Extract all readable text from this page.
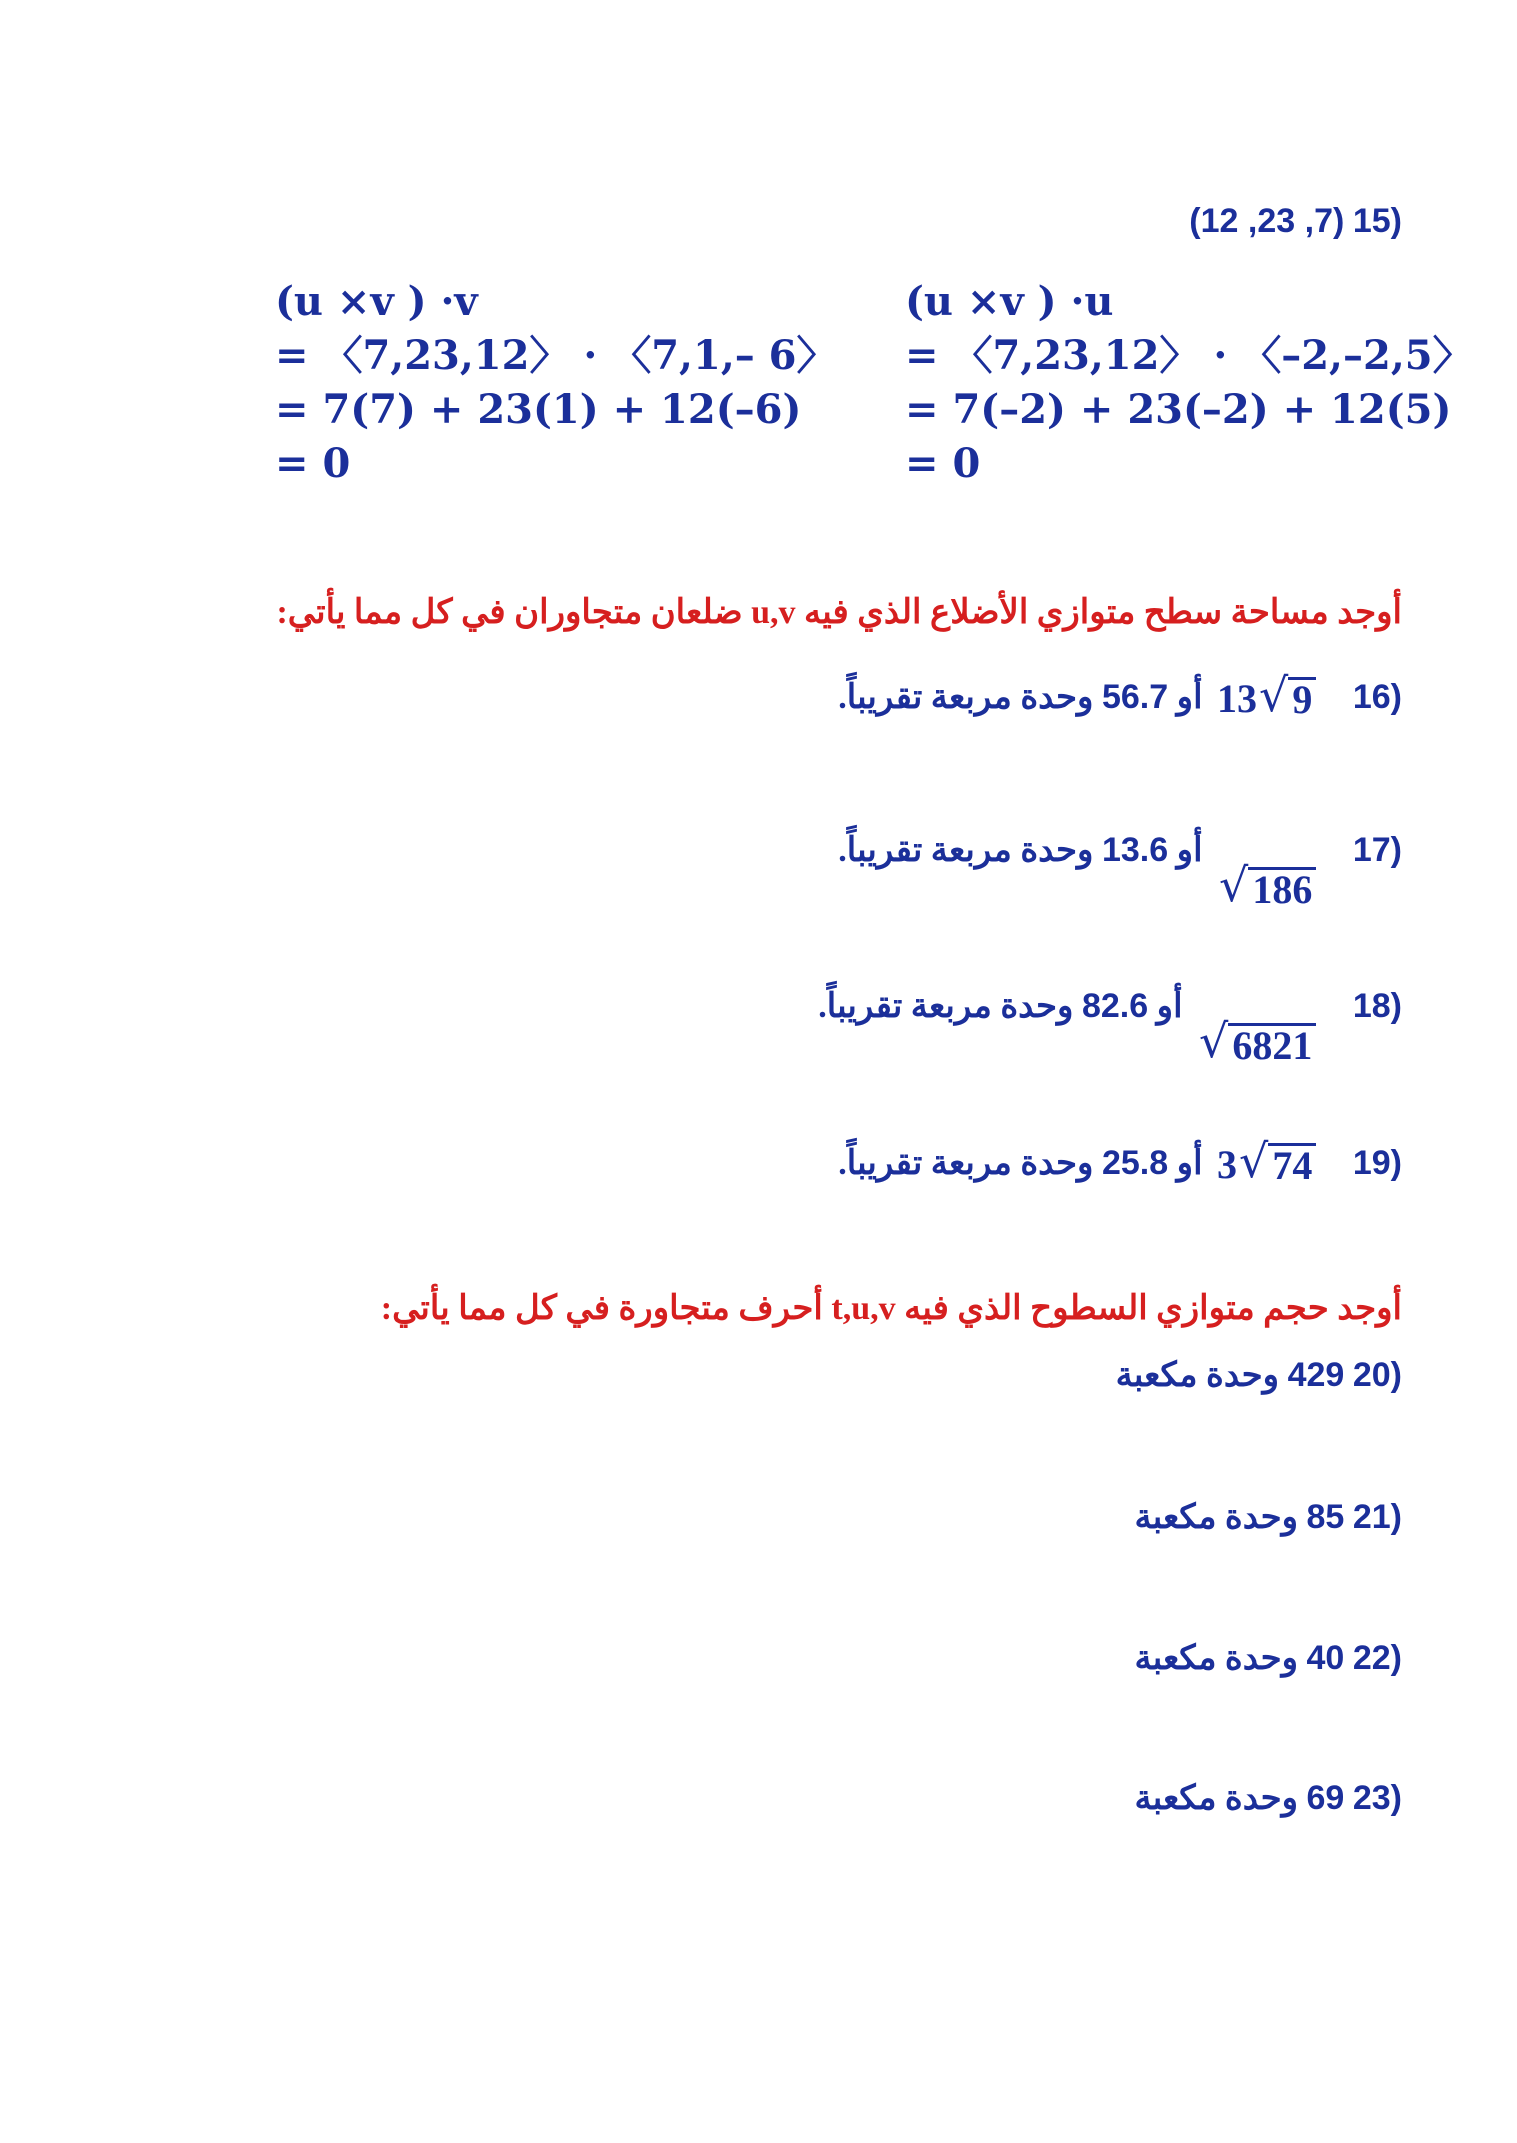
(15 (7, 23, 12)
(u ×v ) ·u
= 〈7,23,12〉 · 〈–2,–2,5〉
= 7(–2) + 23(–2) + 12(5)
= 0
(u ×v ) ·v
= 〈7,23,12〉 · 〈7,1,– 6〉
= 7(7) + 23(1) + 12(–6)
= 0
أوجد مساحة سطح متوازي الأضلاع الذي فيه u,v ضلعان متجاوران في كل مما يأتي:
(16
13 √ 9
أو 56.7 وحدة مربعة تقريباً.
(17
√ 186
أو 13.6 وحدة مربعة تقريباً.
(18
√ 6821
أو 82.6 وحدة مربعة تقريباً.
(19
3 √ 74
أو 25.8 وحدة مربعة تقريباً.
أوجد حجم متوازي السطوح الذي فيه t,u,v أحرف متجاورة في كل مما يأتي:
(20 429 وحدة مكعبة
(21 85 وحدة مكعبة
(22 40 وحدة مكعبة
(23 69 وحدة مكعبة
